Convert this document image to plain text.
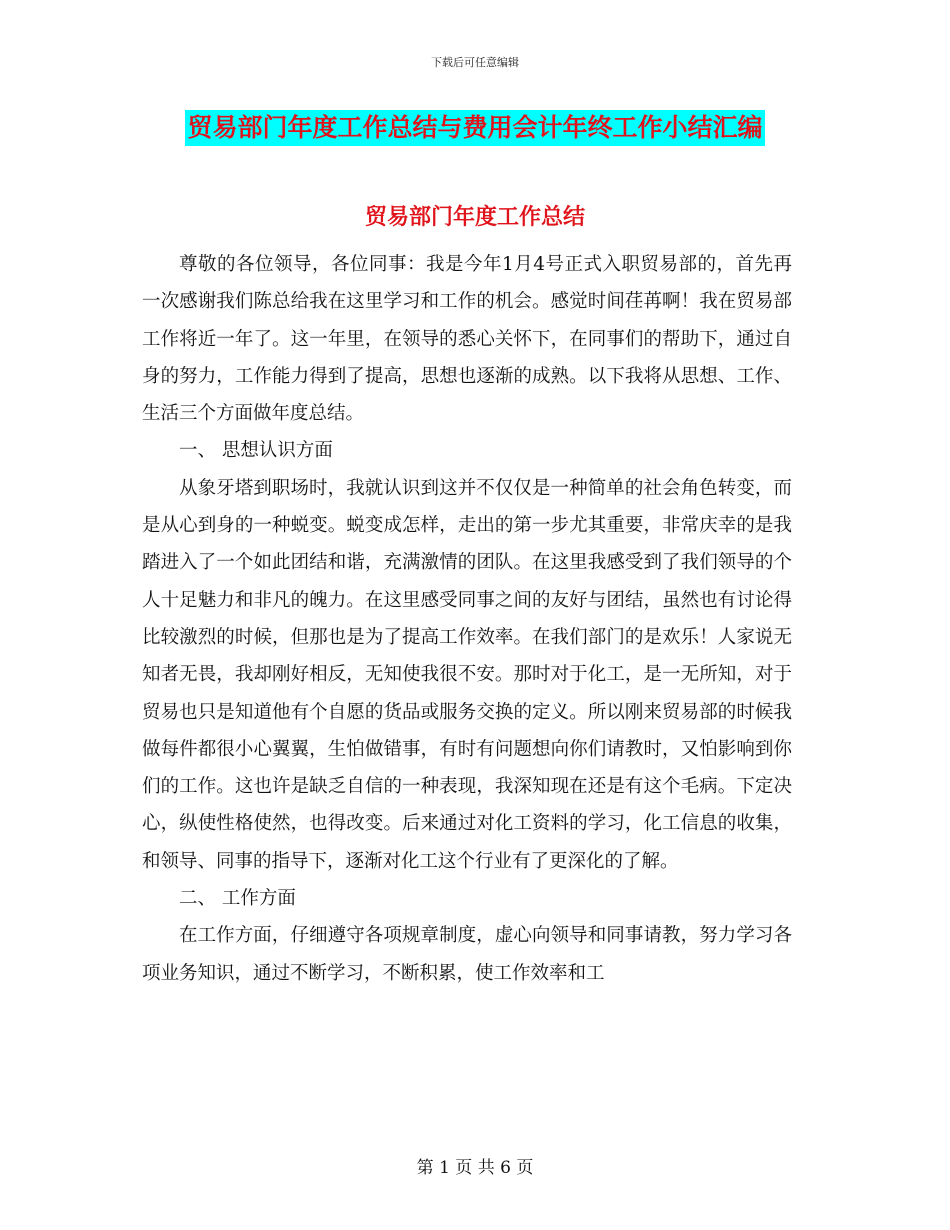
下载后可任意编辑
贸易部门年度工作总结与费用会计年终工作小结汇编
贸易部门年度工作总结

尊敬的各位领导，各位同事：我是今年1月4号正式入职贸易部的，首先再一次感谢我们陈总给我在这里学习和工作的机会。感觉时间荏苒啊！我在贸易部工作将近一年了。这一年里，在领导的悉心关怀下，在同事们的帮助下，通过自身的努力，工作能力得到了提高，思想也逐渐的成熟。以下我将从思想、工作、生活三个方面做年度总结。

一、 思想认识方面

从象牙塔到职场时，我就认识到这并不仅仅是一种简单的社会角色转变，而是从心到身的一种蜕变。蜕变成怎样，走出的第一步尤其重要，非常庆幸的是我踏进入了一个如此团结和谐，充满激情的团队。在这里我感受到了我们领导的个人十足魅力和非凡的魄力。在这里感受同事之间的友好与团结，虽然也有讨论得比较激烈的时候，但那也是为了提高工作效率。在我们部门的是欢乐！人家说无知者无畏，我却刚好相反，无知使我很不安。那时对于化工，是一无所知，对于贸易也只是知道他有个自愿的货品或服务交换的定义。所以刚来贸易部的时候我做每件都很小心翼翼，生怕做错事，有时有问题想向你们请教时，又怕影响到你们的工作。这也许是缺乏自信的一种表现，我深知现在还是有这个毛病。下定决心，纵使性格使然，也得改变。后来通过对化工资料的学习，化工信息的收集，和领导、同事的指导下，逐渐对化工这个行业有了更深化的了解。

二、 工作方面

在工作方面，仔细遵守各项规章制度，虚心向领导和同事请教，努力学习各项业务知识，通过不断学习，不断积累，使工作效率和工

第 1 页 共 6 页
